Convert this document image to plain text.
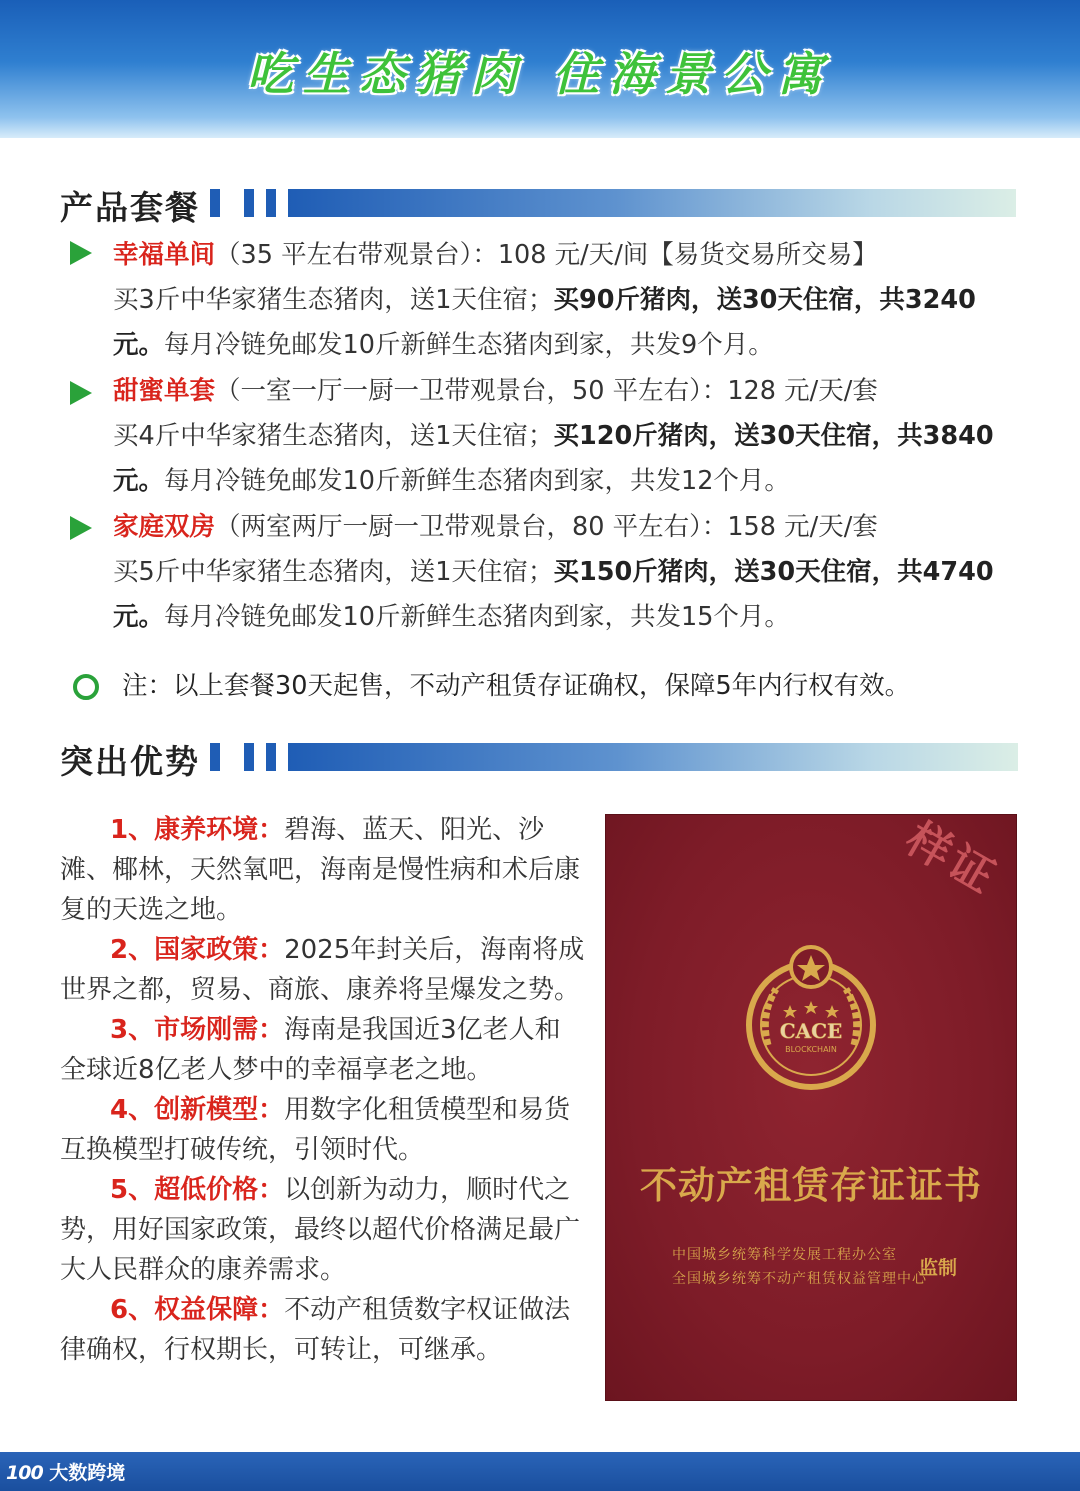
吃生态猪肉 住海景公寓
产品套餐
幸福单间（35 平左右带观景台）：108 元/天/间【易货交易所交易】
买3斤中华家猪生态猪肉，送1天住宿；买90斤猪肉，送30天住宿，共3240元。每月冷链免邮发10斤新鲜生态猪肉到家，共发9个月。
甜蜜单套（一室一厅一厨一卫带观景台，50 平左右）：128 元/天/套
买4斤中华家猪生态猪肉，送1天住宿；买120斤猪肉，送30天住宿，共3840元。每月冷链免邮发10斤新鲜生态猪肉到家，共发12个月。
家庭双房（两室两厅一厨一卫带观景台，80 平左右）：158 元/天/套
买5斤中华家猪生态猪肉，送1天住宿；买150斤猪肉，送30天住宿，共4740元。每月冷链免邮发10斤新鲜生态猪肉到家，共发15个月。
注：以上套餐30天起售，不动产租赁存证确权，保障5年内行权有效。
突出优势

1、康养环境：碧海、蓝天、阳光、沙滩、椰林，天然氧吧，海南是慢性病和术后康复的天选之地。

2、国家政策：2025年封关后，海南将成世界之都，贸易、商旅、康养将呈爆发之势。

3、市场刚需：海南是我国近3亿老人和全球近8亿老人梦中的幸福享老之地。

4、创新模型：用数字化租赁模型和易货互换模型打破传统，引领时代。

5、超低价格：以创新为动力，顺时代之势，用好国家政策，最终以超代价格满足最广大人民群众的康养需求。

6、权益保障：不动产租赁数字权证做法律确权，行权期长，可转让，可继承。

样证
CACE
BLOCKCHAIN
不动产租赁存证证书
中国城乡统筹科学发展工程办公室
全国城乡统筹不动产租赁权益管理中心
监制
100 大数跨境
